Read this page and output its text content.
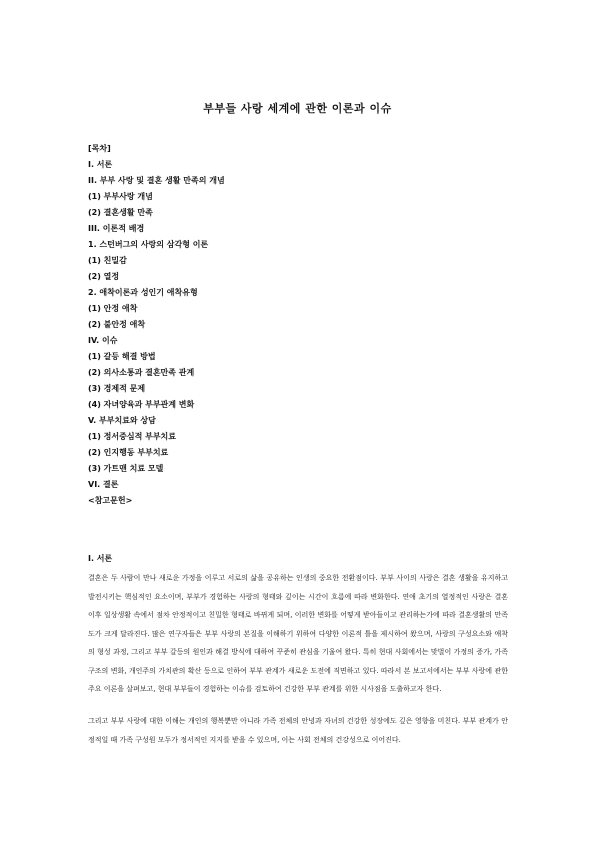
부부들 사랑 세계에 관한 이론과 이슈
[목차]
I. 서론
II. 부부 사랑 및 결혼 생활 만족의 개념
(1) 부부사랑 개념
(2) 결혼생활 만족
III. 이론적 배경
1. 스턴버그의 사랑의 삼각형 이론
(1) 친밀감
(2) 열정
2. 애착이론과 성인기 애착유형
(1) 안정 애착
(2) 불안정 애착
IV. 이슈
(1) 갈등 해결 방법
(2) 의사소통과 결혼만족 관계
(3) 경제적 문제
(4) 자녀양육과 부부관계 변화
V. 부부치료와 상담
(1) 정서중심적 부부치료
(2) 인지행동 부부치료
(3) 가트맨 치료 모델
VI. 결론
<참고문헌>
I. 서론
결혼은 두 사람이 만나 새로운 가정을 이루고 서로의 삶을 공유하는 인생의 중요한 전환점이다. 부부 사이의 사랑은 결혼 생활을 유지하고 발전시키는 핵심적인 요소이며, 부부가 경험하는 사랑의 형태와 깊이는 시간이 흐름에 따라 변화한다. 연애 초기의 열정적인 사랑은 결혼 이후 일상생활 속에서 점차 안정적이고 친밀한 형태로 바뀌게 되며, 이러한 변화를 어떻게 받아들이고 관리하는가에 따라 결혼생활의 만족도가 크게 달라진다. 많은 연구자들은 부부 사랑의 본질을 이해하기 위하여 다양한 이론적 틀을 제시하여 왔으며, 사랑의 구성요소와 애착의 형성 과정, 그리고 부부 갈등의 원인과 해결 방식에 대하여 꾸준히 관심을 기울여 왔다. 특히 현대 사회에서는 맞벌이 가정의 증가, 가족 구조의 변화, 개인주의 가치관의 확산 등으로 인하여 부부 관계가 새로운 도전에 직면하고 있다. 따라서 본 보고서에서는 부부 사랑에 관한 주요 이론을 살펴보고, 현대 부부들이 경험하는 이슈를 검토하여 건강한 부부 관계를 위한 시사점을 도출하고자 한다.
그리고 부부 사랑에 대한 이해는 개인의 행복뿐만 아니라 가족 전체의 안녕과 자녀의 건강한 성장에도 깊은 영향을 미친다. 부부 관계가 안정적일 때 가족 구성원 모두가 정서적인 지지를 받을 수 있으며, 이는 사회 전체의 건강성으로 이어진다.
